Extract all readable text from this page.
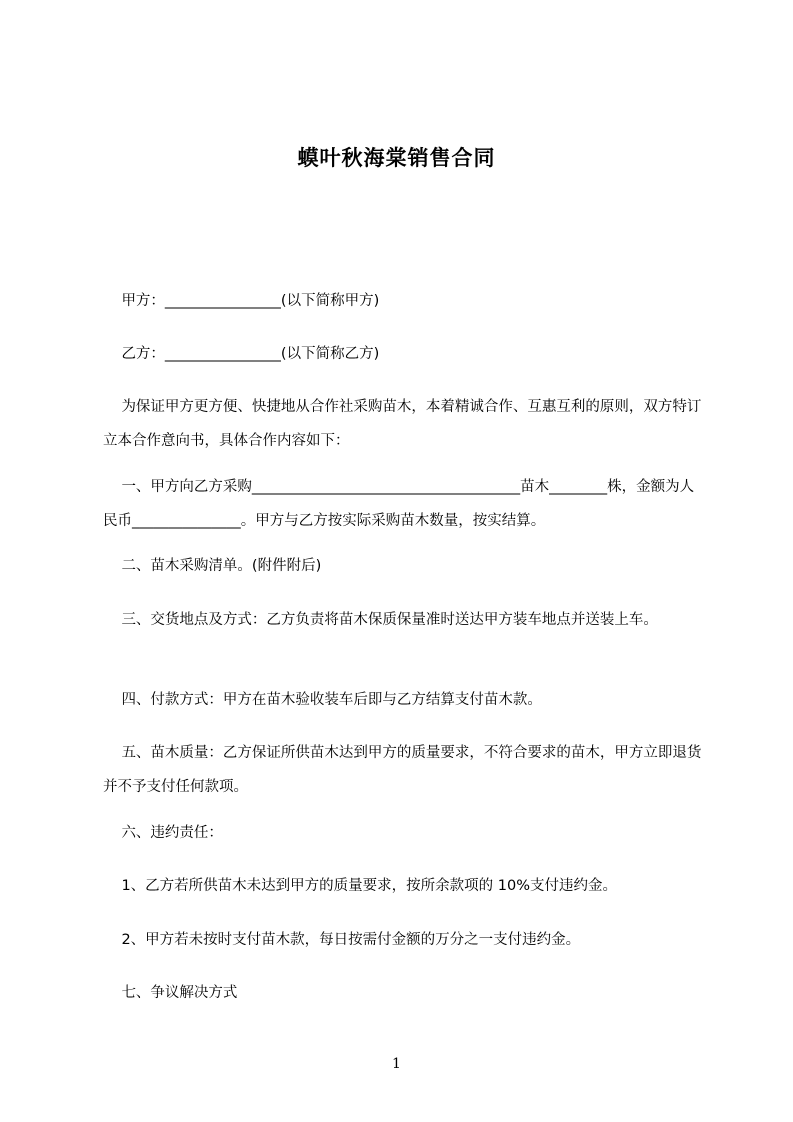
蟆叶秋海棠销售合同
甲方：________________(以下简称甲方)
乙方：________________(以下简称乙方)
为保证甲方更方便、快捷地从合作社采购苗木，本着精诚合作、互惠互利的原则，双方特订立本合作意向书，具体合作内容如下：
一、甲方向乙方采购_____________________________________苗木________株，金额为人民币_______________。甲方与乙方按实际采购苗木数量，按实结算。
二、苗木采购清单。(附件附后)
三、交货地点及方式：乙方负责将苗木保质保量准时送达甲方装车地点并送装上车。
四、付款方式：甲方在苗木验收装车后即与乙方结算支付苗木款。
五、苗木质量：乙方保证所供苗木达到甲方的质量要求，不符合要求的苗木，甲方立即退货并不予支付任何款项。
六、违约责任：
1、乙方若所供苗木未达到甲方的质量要求，按所余款项的 10%支付违约金。
2、甲方若未按时支付苗木款，每日按需付金额的万分之一支付违约金。
七、争议解决方式
1
